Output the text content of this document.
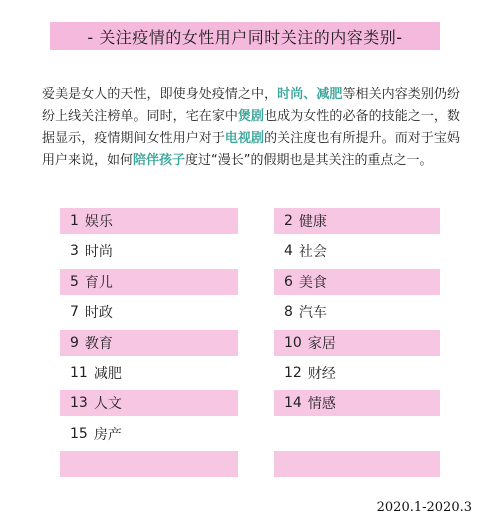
- 关注疫情的女性用户同时关注的内容类别-
爱美是女人的天性，即使身处疫情之中，时尚、减肥等相关内容类别仍纷纷上线关注榜单。同时，宅在家中煲剧也成为女性的必备的技能之一，数据显示，疫情期间女性用户对于电视剧的关注度也有所提升。而对于宝妈用户来说，如何陪伴孩子度过“漫长”的假期也是其关注的重点之一。
1 娱乐	2 健康
3 时尚	4 社会
5 育儿	6 美食
7 时政	8 汽车
9 教育	10 家居
11 减肥	12 财经
13 人文	14 情感
15 房产
2020.1-2020.3
